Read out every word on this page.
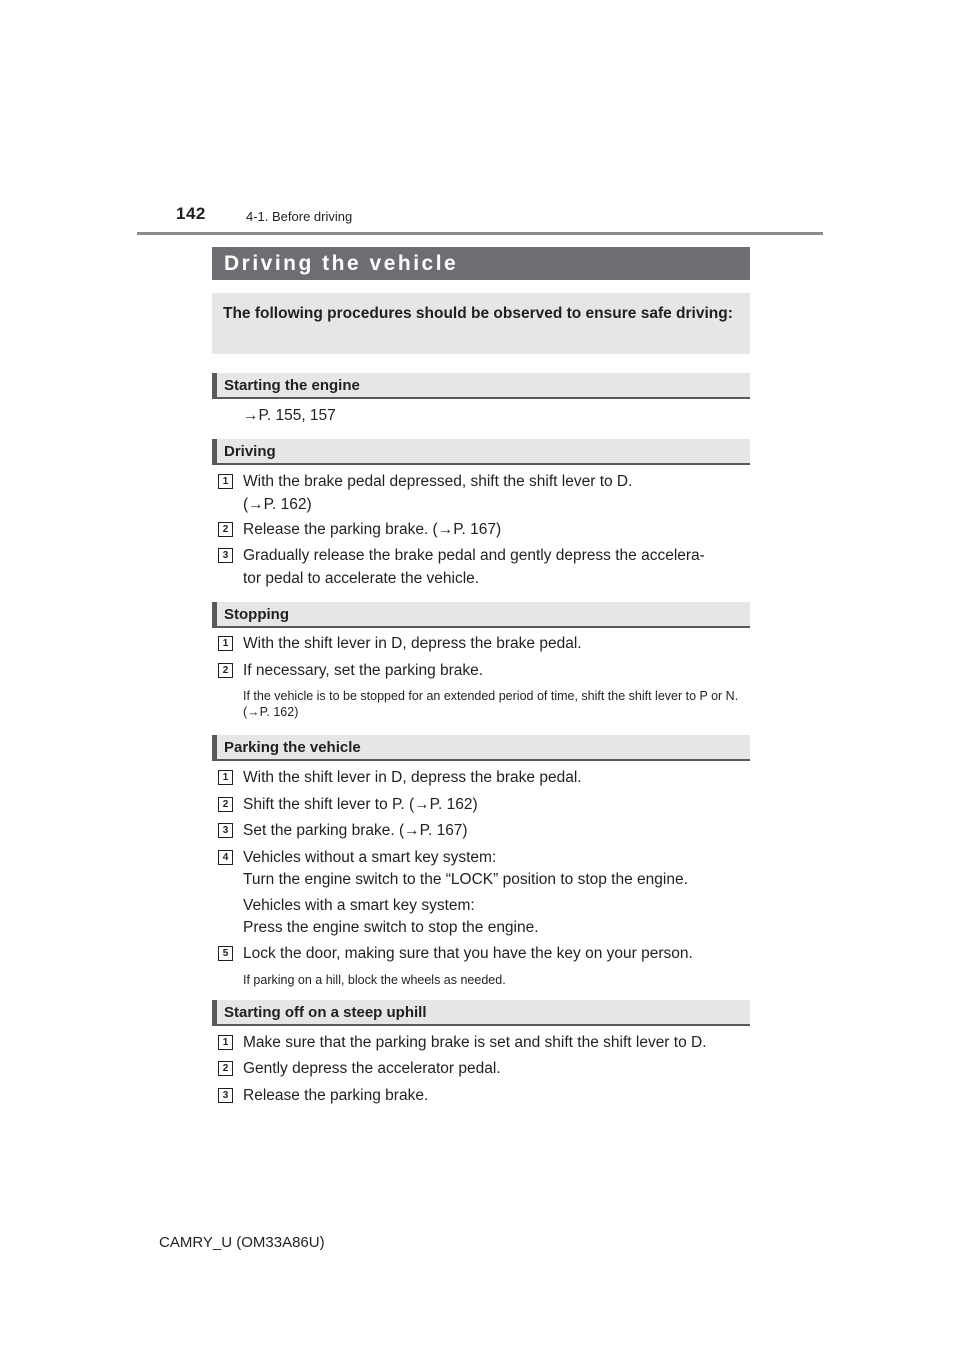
142	4-1. Before driving
Driving the vehicle
The following procedures should be observed to ensure safe driving:
Starting the engine
→P. 155, 157
Driving
1 With the brake pedal depressed, shift the shift lever to D.
(→P. 162)
2 Release the parking brake. (→P. 167)
3 Gradually release the brake pedal and gently depress the accelera-
tor pedal to accelerate the vehicle.
Stopping
1 With the shift lever in D, depress the brake pedal.
2 If necessary, set the parking brake.
If the vehicle is to be stopped for an extended period of time, shift the shift lever to P or N. (→P. 162)
Parking the vehicle
1 With the shift lever in D, depress the brake pedal.
2 Shift the shift lever to P. (→P. 162)
3 Set the parking brake. (→P. 167)
4 Vehicles without a smart key system:
Turn the engine switch to the “LOCK” position to stop the engine.
Vehicles with a smart key system:
Press the engine switch to stop the engine.
5 Lock the door, making sure that you have the key on your person.
If parking on a hill, block the wheels as needed.
Starting off on a steep uphill
1 Make sure that the parking brake is set and shift the shift lever to D.
2 Gently depress the accelerator pedal.
3 Release the parking brake.
CAMRY_U (OM33A86U)
